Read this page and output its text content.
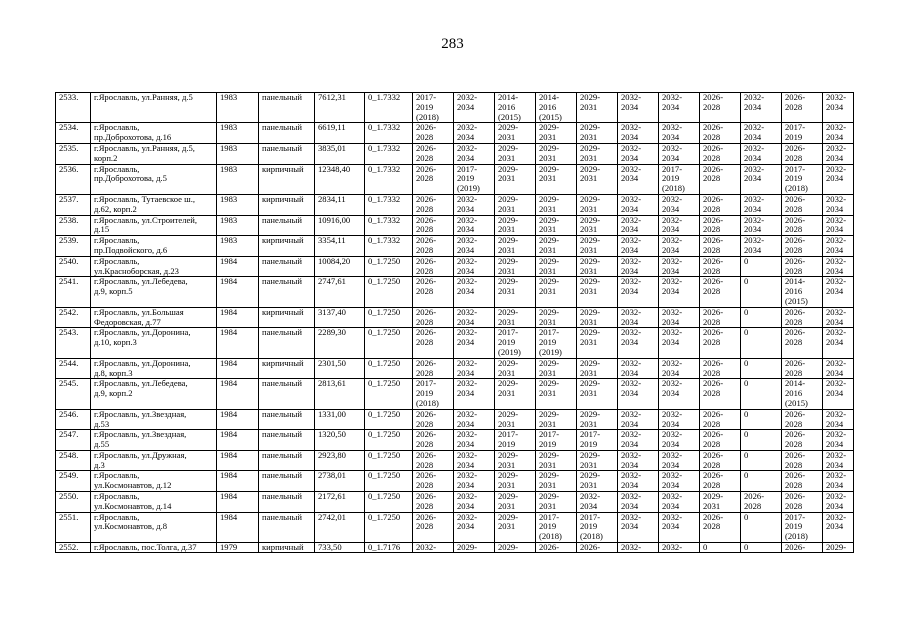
283
2533.	г.Ярославль, ул.Ранняя, д.5	1983	панельный	7612,31	0_1.7332	2017-
2019
(2018)	2032-
2034	2014-
2016
(2015)	2014-
2016
(2015)	2029-
2031	2032-
2034	2032-
2034	2026-
2028	2032-
2034	2026-
2028	2032-
2034
2534.	г.Ярославль,
пр.Доброхотова, д.16	1983	панельный	6619,11	0_1.7332	2026-
2028	2032-
2034	2029-
2031	2029-
2031	2029-
2031	2032-
2034	2032-
2034	2026-
2028	2032-
2034	2017-
2019	2032-
2034
2535.	г.Ярославль, ул.Ранняя, д.5,
корп.2	1983	панельный	3835,01	0_1.7332	2026-
2028	2032-
2034	2029-
2031	2029-
2031	2029-
2031	2032-
2034	2032-
2034	2026-
2028	2032-
2034	2026-
2028	2032-
2034
2536.	г.Ярославль,
пр.Доброхотова, д.5	1983	кирпичный	12348,40	0_1.7332	2026-
2028	2017-
2019
(2019)	2029-
2031	2029-
2031	2029-
2031	2032-
2034	2017-
2019
(2018)	2026-
2028	2032-
2034	2017-
2019
(2018)	2032-
2034
2537.	г.Ярославль, Тутаевское ш.,
д.62, корп.2	1983	кирпичный	2834,11	0_1.7332	2026-
2028	2032-
2034	2029-
2031	2029-
2031	2029-
2031	2032-
2034	2032-
2034	2026-
2028	2032-
2034	2026-
2028	2032-
2034
2538.	г.Ярославль, ул.Строителей,
д.15	1983	панельный	10916,00	0_1.7332	2026-
2028	2032-
2034	2029-
2031	2029-
2031	2029-
2031	2032-
2034	2032-
2034	2026-
2028	2032-
2034	2026-
2028	2032-
2034
2539.	г.Ярославль,
пр.Подвойского, д.6	1983	кирпичный	3354,11	0_1.7332	2026-
2028	2032-
2034	2029-
2031	2029-
2031	2029-
2031	2032-
2034	2032-
2034	2026-
2028	2032-
2034	2026-
2028	2032-
2034
2540.	г.Ярославль,
ул.Красноборская, д.23	1984	панельный	10084,20	0_1.7250	2026-
2028	2032-
2034	2029-
2031	2029-
2031	2029-
2031	2032-
2034	2032-
2034	2026-
2028	0	2026-
2028	2032-
2034
2541.	г.Ярославль, ул.Лебедева,
д.9, корп.5	1984	панельный	2747,61	0_1.7250	2026-
2028	2032-
2034	2029-
2031	2029-
2031	2029-
2031	2032-
2034	2032-
2034	2026-
2028	0	2014-
2016
(2015)	2032-
2034
2542.	г.Ярославль, ул.Большая
Федоровская, д.77	1984	кирпичный	3137,40	0_1.7250	2026-
2028	2032-
2034	2029-
2031	2029-
2031	2029-
2031	2032-
2034	2032-
2034	2026-
2028	0	2026-
2028	2032-
2034
2543.	г.Ярославль, ул.Доронина,
д.10, корп.3	1984	панельный	2289,30	0_1.7250	2026-
2028	2032-
2034	2017-
2019
(2019)	2017-
2019
(2019)	2029-
2031	2032-
2034	2032-
2034	2026-
2028	0	2026-
2028	2032-
2034
2544.	г.Ярославль, ул.Доронина,
д.8, корп.3	1984	кирпичный	2301,50	0_1.7250	2026-
2028	2032-
2034	2029-
2031	2029-
2031	2029-
2031	2032-
2034	2032-
2034	2026-
2028	0	2026-
2028	2032-
2034
2545.	г.Ярославль, ул.Лебедева,
д.9, корп.2	1984	панельный	2813,61	0_1.7250	2017-
2019
(2018)	2032-
2034	2029-
2031	2029-
2031	2029-
2031	2032-
2034	2032-
2034	2026-
2028	0	2014-
2016
(2015)	2032-
2034
2546.	г.Ярославль, ул.Звездная,
д.53	1984	панельный	1331,00	0_1.7250	2026-
2028	2032-
2034	2029-
2031	2029-
2031	2029-
2031	2032-
2034	2032-
2034	2026-
2028	0	2026-
2028	2032-
2034
2547.	г.Ярославль, ул.Звездная,
д.55	1984	панельный	1320,50	0_1.7250	2026-
2028	2032-
2034	2017-
2019	2017-
2019	2017-
2019	2032-
2034	2032-
2034	2026-
2028	0	2026-
2028	2032-
2034
2548.	г.Ярославль, ул.Дружная,
д.3	1984	панельный	2923,80	0_1.7250	2026-
2028	2032-
2034	2029-
2031	2029-
2031	2029-
2031	2032-
2034	2032-
2034	2026-
2028	0	2026-
2028	2032-
2034
2549.	г.Ярославль,
ул.Космонавтов, д.12	1984	панельный	2738,01	0_1.7250	2026-
2028	2032-
2034	2029-
2031	2029-
2031	2029-
2031	2032-
2034	2032-
2034	2026-
2028	0	2026-
2028	2032-
2034
2550.	г.Ярославль,
ул.Космонавтов, д.14	1984	панельный	2172,61	0_1.7250	2026-
2028	2032-
2034	2029-
2031	2029-
2031	2032-
2034	2032-
2034	2032-
2034	2029-
2031	2026-
2028	2026-
2028	2032-
2034
2551.	г.Ярославль,
ул.Космонавтов, д.8	1984	панельный	2742,01	0_1.7250	2026-
2028	2032-
2034	2029-
2031	2017-
2019
(2018)	2017-
2019
(2018)	2032-
2034	2032-
2034	2026-
2028	0	2017-
2019
(2018)	2032-
2034
2552.	г.Ярославль, пос.Толга, д.37	1979	кирпичный	733,50	0_1.7176	2032-	2029-	2029-	2026-	2026-	2032-	2032-	0	0	2026-	2029-
